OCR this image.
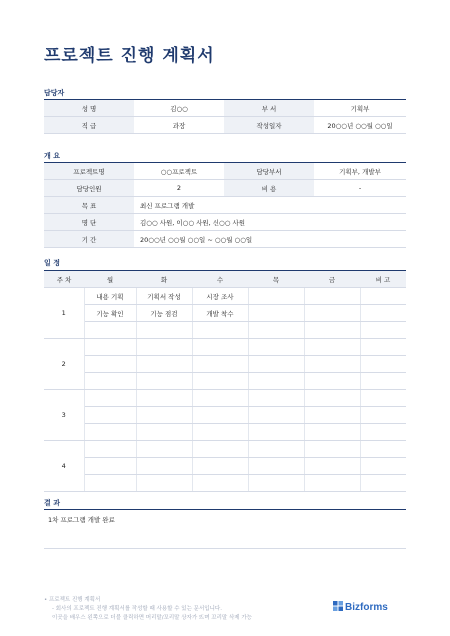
프로젝트 진행 계획서
담당자
성 명	김○○	부 서	기획부
직 급	과장	작성일자	20○○년 ○○월 ○○일
개 요
프로젝트명	○○프로젝트	담당부서	기획부, 개발부
담당인원	2	비 용	-
목 표	최신 프로그램 개발		
명 단	김○○ 사원, 이○○ 사원, 신○○ 사원		
기 간	20○○년 ○○월 ○○일 ~ ○○월 ○○일		
일 정
주 차	월	화	수	목	금	비 고
1	내용 기획	기획서 작성	시장 조사			
	기능 확인	기능 점검	개발 착수			

2						

3						

4						

결 과
1차 프로그램 개발 완료
• 프로젝트 진행 계획서
- 회사의 프로젝트 진행 계획서를 작성할 때 사용할 수 있는 문서입니다.
이곳을 배우스 왼쪽으로 더블 클릭하면 머리말/꼬리말 상자가 뜨며 꼬리말 삭제 가능
Bizforms
